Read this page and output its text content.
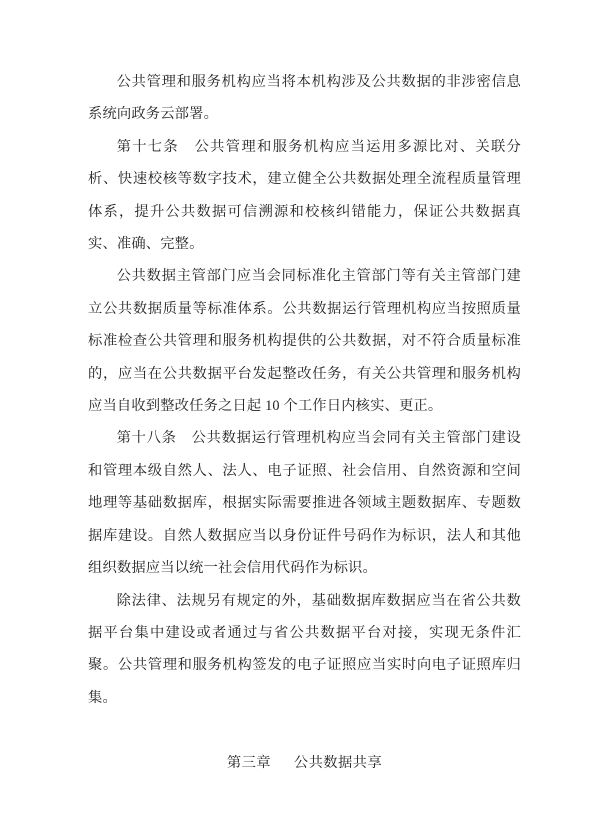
公共管理和服务机构应当将本机构涉及公共数据的非涉密信息系统向政务云部署。

第十七条　公共管理和服务机构应当运用多源比对、关联分析、快速校核等数字技术，建立健全公共数据处理全流程质量管理体系，提升公共数据可信溯源和校核纠错能力，保证公共数据真实、准确、完整。

公共数据主管部门应当会同标准化主管部门等有关主管部门建立公共数据质量等标准体系。公共数据运行管理机构应当按照质量标准检查公共管理和服务机构提供的公共数据，对不符合质量标准的，应当在公共数据平台发起整改任务，有关公共管理和服务机构应当自收到整改任务之日起 10 个工作日内核实、更正。

第十八条　公共数据运行管理机构应当会同有关主管部门建设和管理本级自然人、法人、电子证照、社会信用、自然资源和空间地理等基础数据库，根据实际需要推进各领域主题数据库、专题数据库建设。自然人数据应当以身份证件号码作为标识，法人和其他组织数据应当以统一社会信用代码作为标识。

除法律、法规另有规定的外，基础数据库数据应当在省公共数据平台集中建设或者通过与省公共数据平台对接，实现无条件汇聚。公共管理和服务机构签发的电子证照应当实时向电子证照库归集。

第三章 公共数据共享
